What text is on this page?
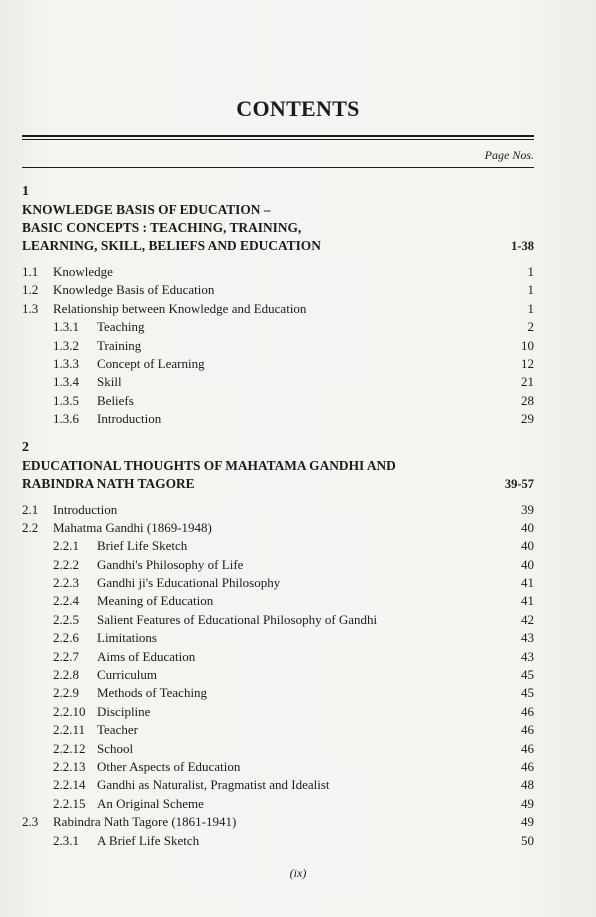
CONTENTS
Page Nos.
1
KNOWLEDGE BASIS OF EDUCATION –
BASIC CONCEPTS : TEACHING, TRAINING,
LEARNING, SKILL, BELIEFS AND EDUCATION	1-38
1.1 Knowledge	1
1.2 Knowledge Basis of Education	1
1.3 Relationship between Knowledge and Education	1
1.3.1 Teaching	2
1.3.2 Training	10
1.3.3 Concept of Learning	12
1.3.4 Skill	21
1.3.5 Beliefs	28
1.3.6 Introduction	29
2
EDUCATIONAL THOUGHTS OF MAHATAMA GANDHI AND
RABINDRA NATH TAGORE	39-57
2.1 Introduction	39
2.2 Mahatma Gandhi (1869-1948)	40
2.2.1 Brief Life Sketch	40
2.2.2 Gandhi's Philosophy of Life	40
2.2.3 Gandhi ji's Educational Philosophy	41
2.2.4 Meaning of Education	41
2.2.5 Salient Features of Educational Philosophy of Gandhi	42
2.2.6 Limitations	43
2.2.7 Aims of Education	43
2.2.8 Curriculum	45
2.2.9 Methods of Teaching	45
2.2.10 Discipline	46
2.2.11 Teacher	46
2.2.12 School	46
2.2.13 Other Aspects of Education	46
2.2.14 Gandhi as Naturalist, Pragmatist and Idealist	48
2.2.15 An Original Scheme	49
2.3 Rabindra Nath Tagore (1861-1941)	49
2.3.1 A Brief Life Sketch	50
(ix)
